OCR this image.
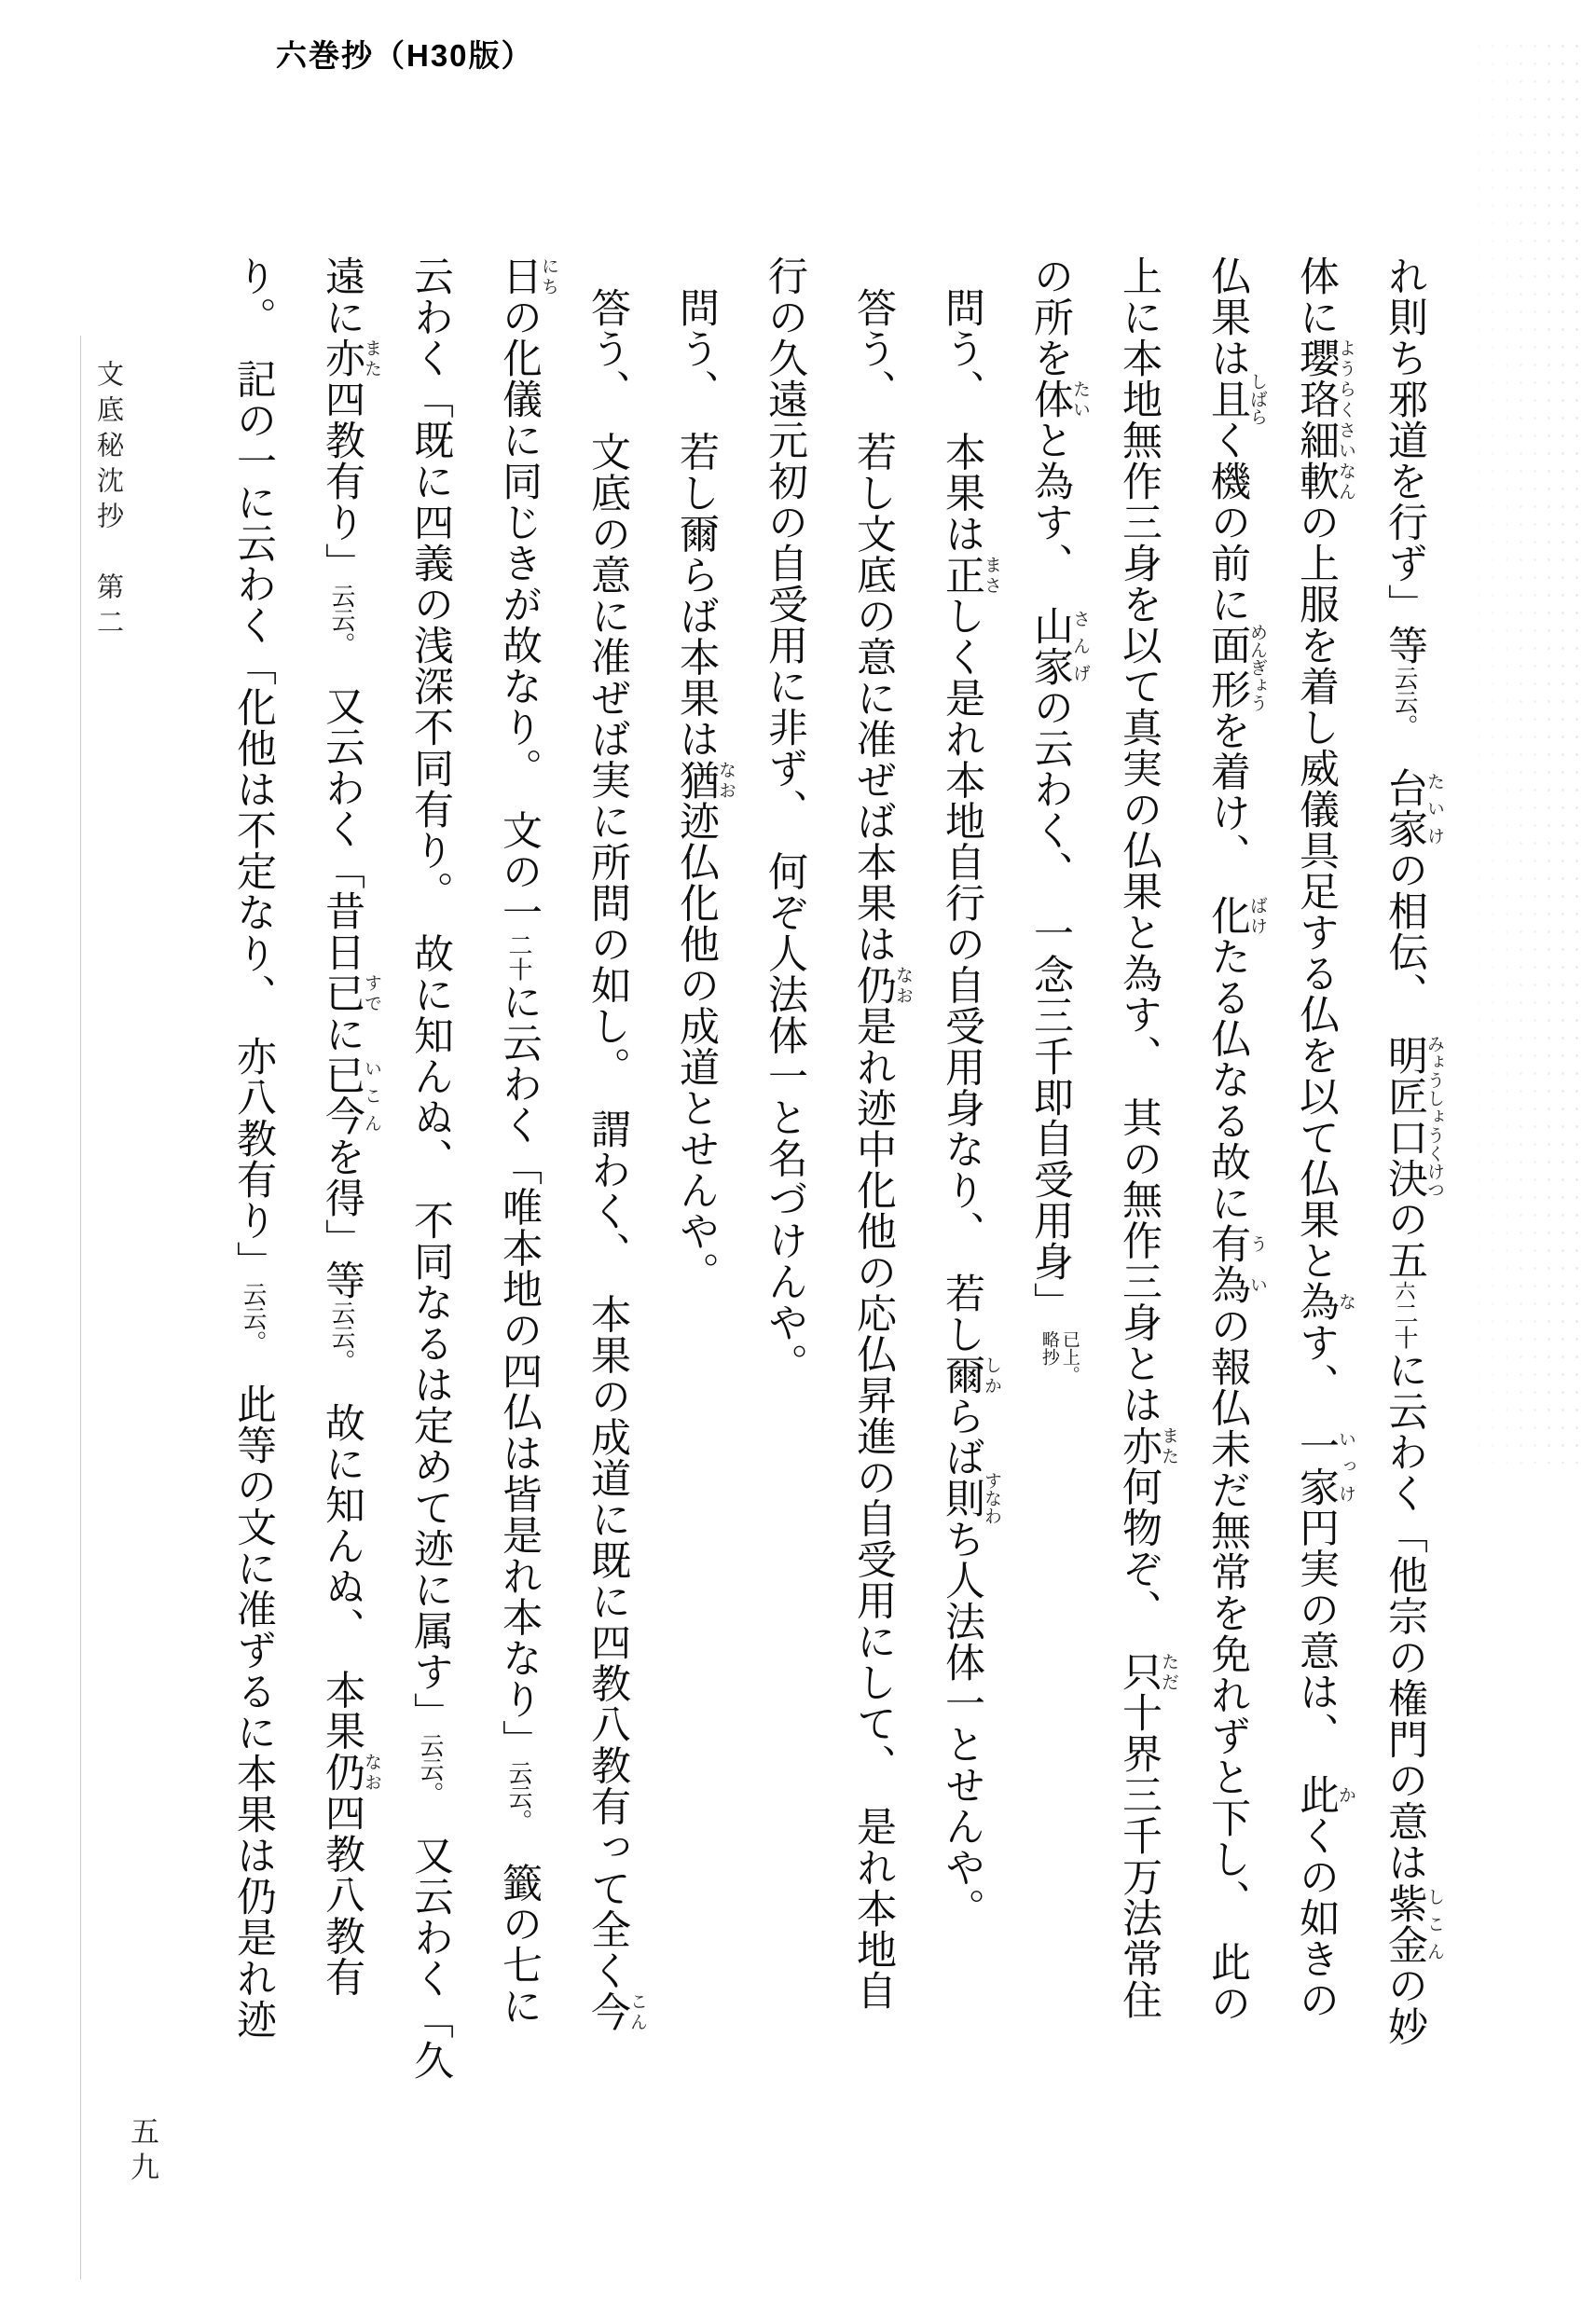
六巻抄（H30版）
文底秘沈抄　第二	れ則ち邪道を行ず」等云云。　台家たいけの相伝、　明匠口決みょうしょうくけつの五六二十に云わく「他宗の権門の意は紫金しこんの妙

体に瓔珞細軟ようらくさいなんの上服を着し威儀具足する仏を以て仏果と為なす、　一家いっけ円実の意は、　此かくの如きの

仏果は且しばらく機の前に面形めんぎょうを着け、　化ばけたる仏なる故に有為ういの報仏未だ無常を免れずと下し、　此の

上に本地無作三身を以て真実の仏果と為す、　其の無作三身とは亦また何物ぞ、　只ただ十界三千万法常住

の所を体たいと為す、　山家さんげの云わく、　一念三千即自受用身」已上。
略抄

問う、　本果は正まさしく是れ本地自行の自受用身なり、　若し爾しからば則すなわち人法体一とせんや。

答う、　若し文底の意に准ぜば本果は仍なお是れ迹中化他の応仏昇進の自受用にして、　是れ本地自

行の久遠元初の自受用に非ず、　何ぞ人法体一と名づけんや。

問う、　若し爾らば本果は猶なお迹仏化他の成道とせんや。

答う、　文底の意に准ぜば実に所問の如し。　謂わく、　本果の成道に既に四教八教有って全く今こん

日にちの化儀に同じきが故なり。　文の一二十に云わく「唯本地の四仏は皆是れ本なり」云云。　籤の七に

云わく「既に四義の浅深不同有り。　故に知んぬ、　不同なるは定めて迹に属す」云云。　又云わく「久

遠に亦また四教有り」云云。　又云わく「昔日已すでに已今いこんを得」等云云。　故に知んぬ、　本果仍なお四教八教有

り。　記の一に云わく「化他は不定なり、　亦八教有り」云云。　此等の文に准ずるに本果は仍是れ迹

五九
